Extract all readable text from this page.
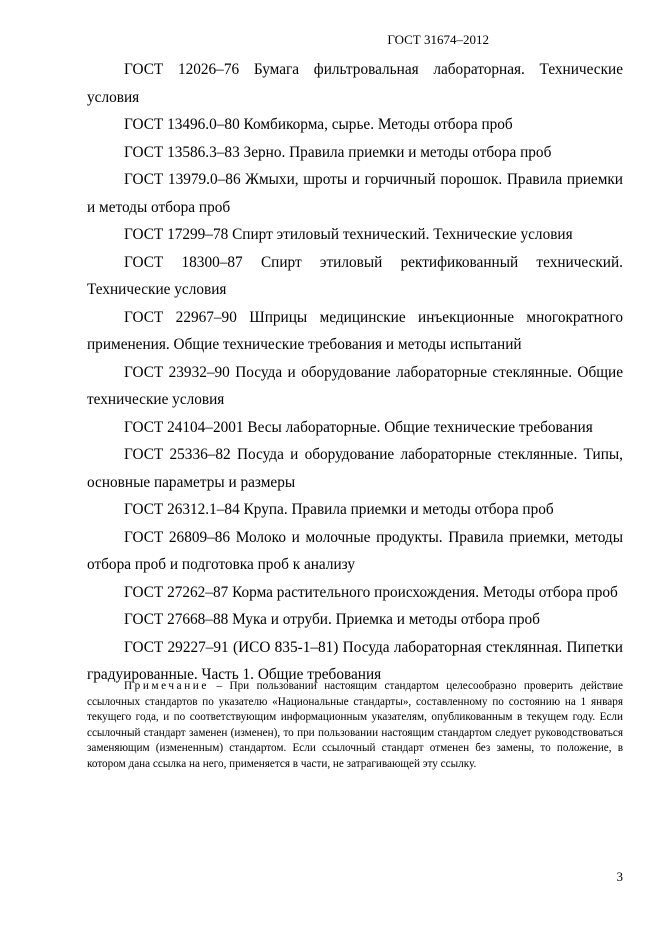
ГОСТ 31674–2012

ГОСТ 12026–76 Бумага фильтровальная лабораторная. Технические условия

ГОСТ 13496.0–80 Комбикорма, сырье. Методы отбора проб

ГОСТ 13586.3–83 Зерно. Правила приемки и методы отбора проб

ГОСТ 13979.0–86 Жмыхи, шроты и горчичный порошок. Правила приемки и методы отбора проб

ГОСТ 17299–78 Спирт этиловый технический. Технические условия

ГОСТ 18300–87 Спирт этиловый ректификованный технический. Технические условия

ГОСТ 22967–90 Шприцы медицинские инъекционные многократного применения. Общие технические требования и методы испытаний

ГОСТ 23932–90 Посуда и оборудование лабораторные стеклянные. Общие технические условия

ГОСТ 24104–2001 Весы лабораторные. Общие технические требования

ГОСТ 25336–82 Посуда и оборудование лабораторные стеклянные. Типы, основные параметры и размеры

ГОСТ 26312.1–84 Крупа. Правила приемки и методы отбора проб

ГОСТ 26809–86 Молоко и молочные продукты. Правила приемки, методы отбора проб и подготовка проб к анализу

ГОСТ 27262–87 Корма растительного происхождения. Методы отбора проб

ГОСТ 27668–88 Мука и отруби. Приемка и методы отбора проб

ГОСТ 29227–91 (ИСО 835-1–81) Посуда лабораторная стеклянная. Пипетки градуированные. Часть 1. Общие требования

Примечание – При пользовании настоящим стандартом целесообразно проверить действие ссылочных стандартов по указателю «Национальные стандарты», составленному по состоянию на 1 января текущего года, и по соответствующим информационным указателям, опубликованным в текущем году. Если ссылочный стандарт заменен (изменен), то при пользовании настоящим стандартом следует руководствоваться заменяющим (измененным) стандартом. Если ссылочный стандарт отменен без замены, то положение, в котором дана ссылка на него, применяется в части, не затрагивающей эту ссылку.

3
